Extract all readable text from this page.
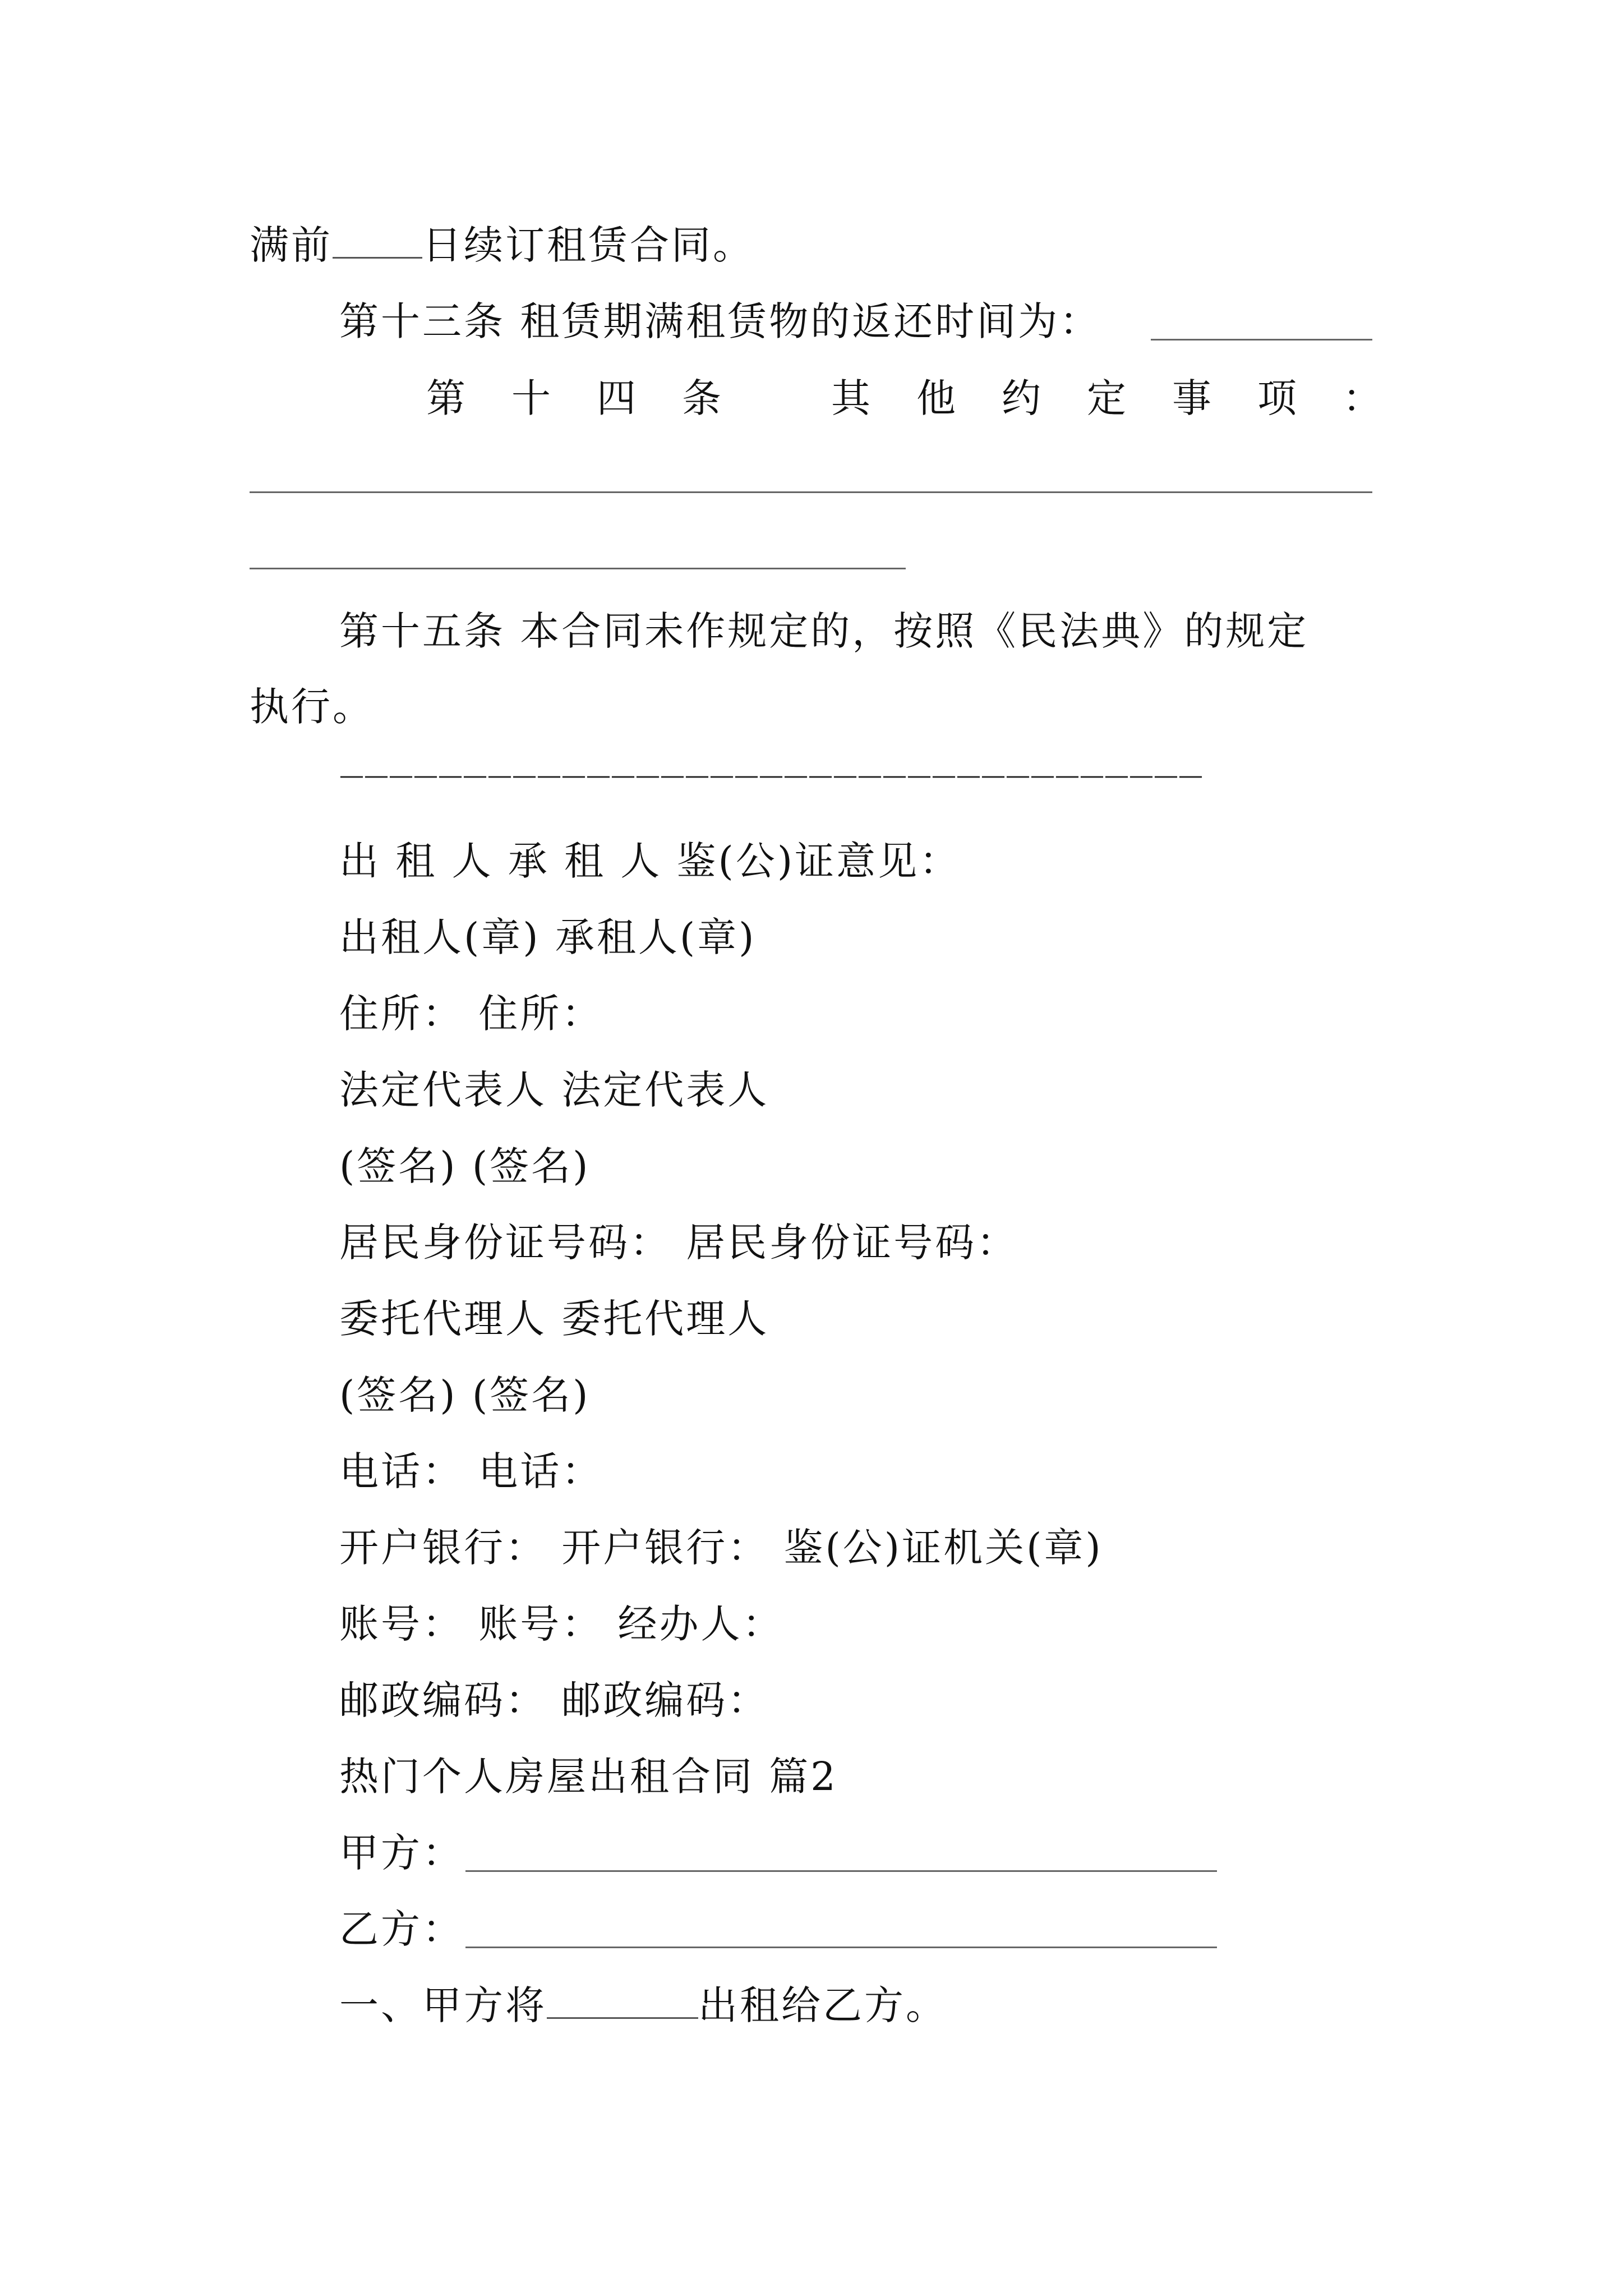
满前 日续订租赁合同。
第十三条 租赁期满租赁物的返还时间为：
第 十 四 条	其 他 约 定 事 项 ：
第十五条 本合同未作规定的，按照《民法典》的规定
执行。
———————————————————————————————————
出 租 人 承 租 人 鉴(公)证意见：
出租人(章) 承租人(章)
住所： 住所：
法定代表人 法定代表人
(签名) (签名)
居民身份证号码： 居民身份证号码：
委托代理人 委托代理人
(签名) (签名)
电话： 电话：
开户银行： 开户银行： 鉴(公)证机关(章)
账号： 账号： 经办人：
邮政编码： 邮政编码：
热门个人房屋出租合同 篇2
甲方：
乙方：
一、甲方将	出租给乙方。
